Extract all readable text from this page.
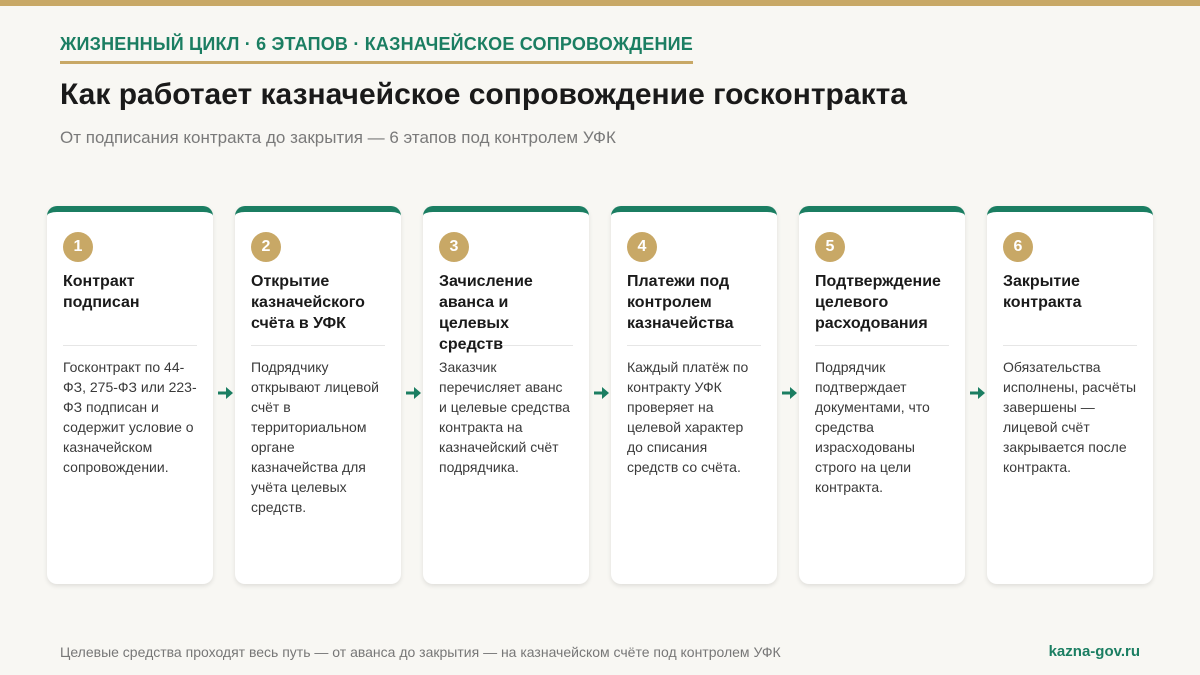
ЖИЗНЕННЫЙ ЦИКЛ · 6 ЭТАПОВ · КАЗНАЧЕЙСКОЕ СОПРОВОЖДЕНИЕ
Как работает казначейское сопровождение госконтракта
От подписания контракта до закрытия — 6 этапов под контролем УФК
1
Контракт подписан
Госконтракт по 44-ФЗ, 275-ФЗ или 223-ФЗ подписан и содержит условие о казначейском сопровождении.
2
Открытие казначейского счёта в УФК
Подрядчику открывают лицевой счёт в территориальном органе казначейства для учёта целевых средств.
3
Зачисление аванса и целевых средств
Заказчик перечисляет аванс и целевые средства контракта на казначейский счёт подрядчика.
4
Платежи под контролем казначейства
Каждый платёж по контракту УФК проверяет на целевой характер до списания средств со счёта.
5
Подтверждение целевого расходования
Подрядчик подтверждает документами, что средства израсходованы строго на цели контракта.
6
Закрытие контракта
Обязательства исполнены, расчёты завершены — лицевой счёт закрывается после контракта.
Целевые средства проходят весь путь — от аванса до закрытия — на казначейском счёте под контролем УФК	kazna-gov.ru
